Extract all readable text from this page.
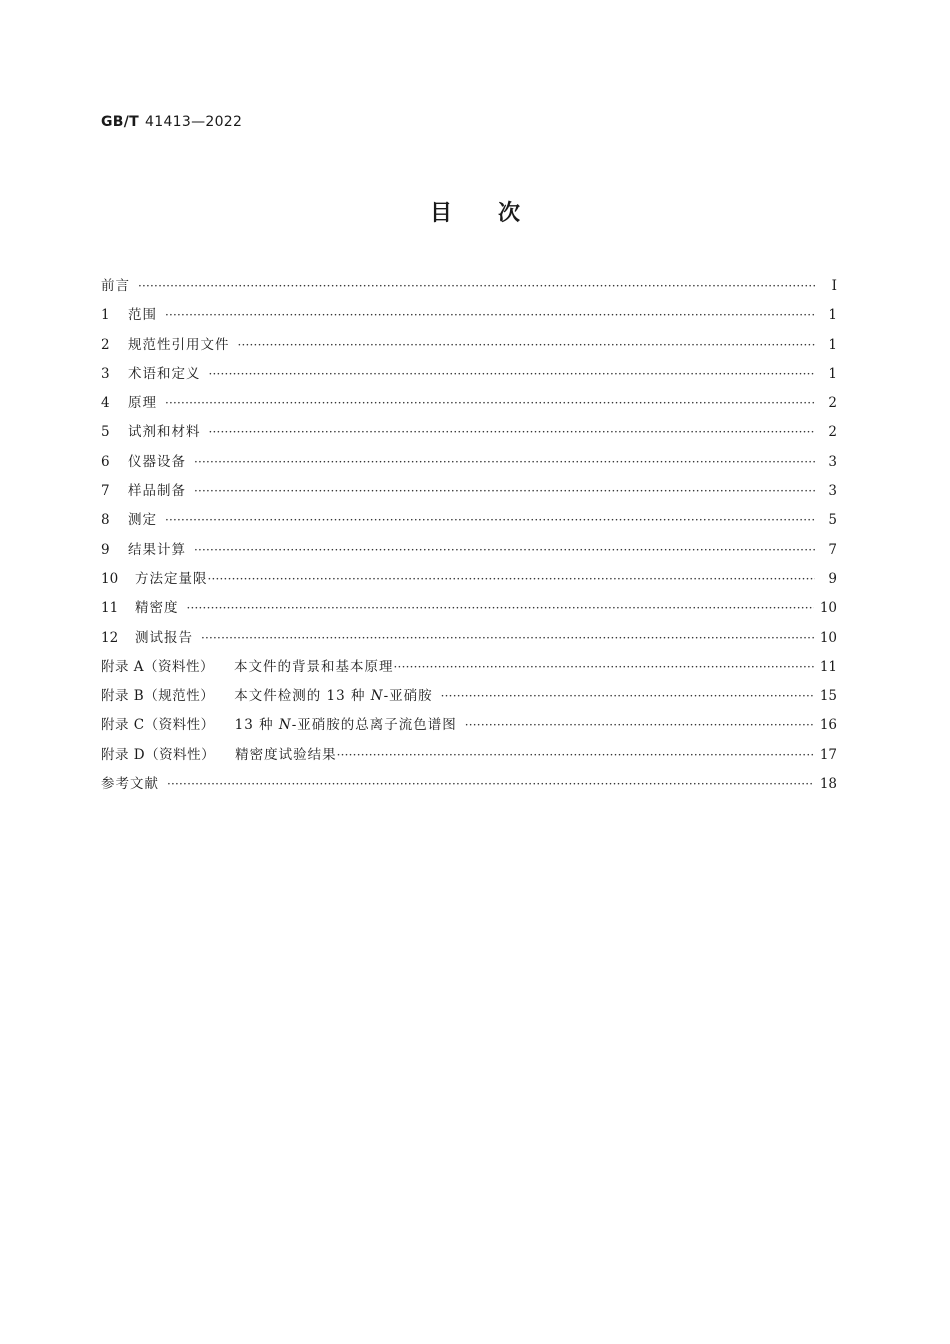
GB/T 41413—2022
目 次
前言 ·····	Ⅰ
1	范围 ·····	1
2	规范性引用文件 ·····	1
3	术语和定义 ·····	1
4	原理 ·····	2
5	试剂和材料 ·····	2
6	仪器设备 ·····	3
7	样品制备 ·····	3
8	测定 ·····	5
9	结果计算 ·····	7
10	方法定量限 ·····	9
11	精密度 ·····	10
12	测试报告 ·····	10
附录 A（资料性） 本文件的背景和基本原理 ·····	11
附录 B（规范性） 本文件检测的 13 种 N-亚硝胺 ·····	15
附录 C（资料性） 13 种 N-亚硝胺的总离子流色谱图 ·····	16
附录 D（资料性） 精密度试验结果 ·····	17
参考文献 ·····	18
